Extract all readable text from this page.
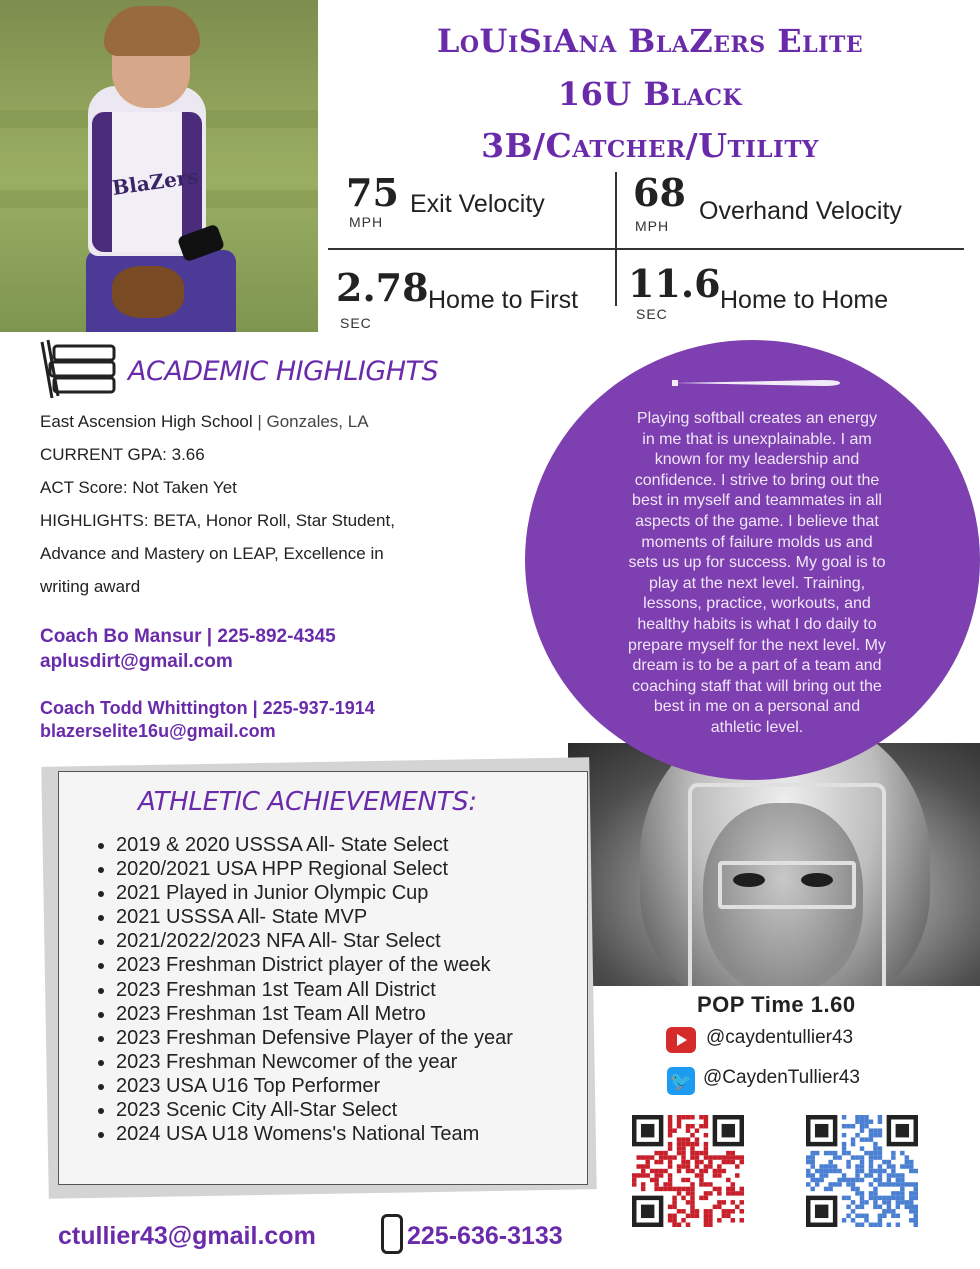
BlaZers
LoUiSiAna BlaZers Elite
16U Black
3B/Catcher/Utility
75
MPH
Exit Velocity 68
MPH
Overhand Velocity
2.78
SEC
Home to First 11.6
SEC Home to Home
ACADEMIC HIGHLIGHTS
East Ascension High School | Gonzales, LA
CURRENT GPA: 3.66
ACT Score: Not Taken Yet
HIGHLIGHTS: BETA, Honor Roll, Star Student,
Advance and Mastery on LEAP, Excellence in
writing award
Coach Bo Mansur | 225-892-4345
aplusdirt@gmail.com
Coach Todd Whittington | 225-937-1914
blazerselite16u@gmail.com
Playing softball creates an energy
in me that is unexplainable. I am
known for my leadership and
confidence. I strive to bring out the
best in myself and teammates in all
aspects of the game. I believe that
moments of failure molds us and
sets us up for success. My goal is to
play at the next level. Training,
lessons, practice, workouts, and
healthy habits is what I do daily to
prepare myself for the next level. My
dream is to be a part of a team and
coaching staff that will bring out the
best in me on a personal and
athletic level.
ATHLETIC ACHIEVEMENTS:
• 2019 & 2020 USSSA All- State Select
• 2020/2021 USA HPP Regional Select
• 2021 Played in Junior Olympic Cup
• 2021 USSSA All- State MVP
• 2021/2022/2023 NFA All- Star Select
• 2023 Freshman District player of the week
• 2023 Freshman 1st Team All District
• 2023 Freshman 1st Team All Metro
• 2023 Freshman Defensive Player of the year
• 2023 Freshman Newcomer of the year
• 2023 USA U16 Top Performer
• 2023 Scenic City All-Star Select
• 2024 USA U18 Womens's National Team
POP Time 1.60
@caydentullier43
🐦 @CaydenTullier43
ctullier43@gmail.com	225-636-3133
